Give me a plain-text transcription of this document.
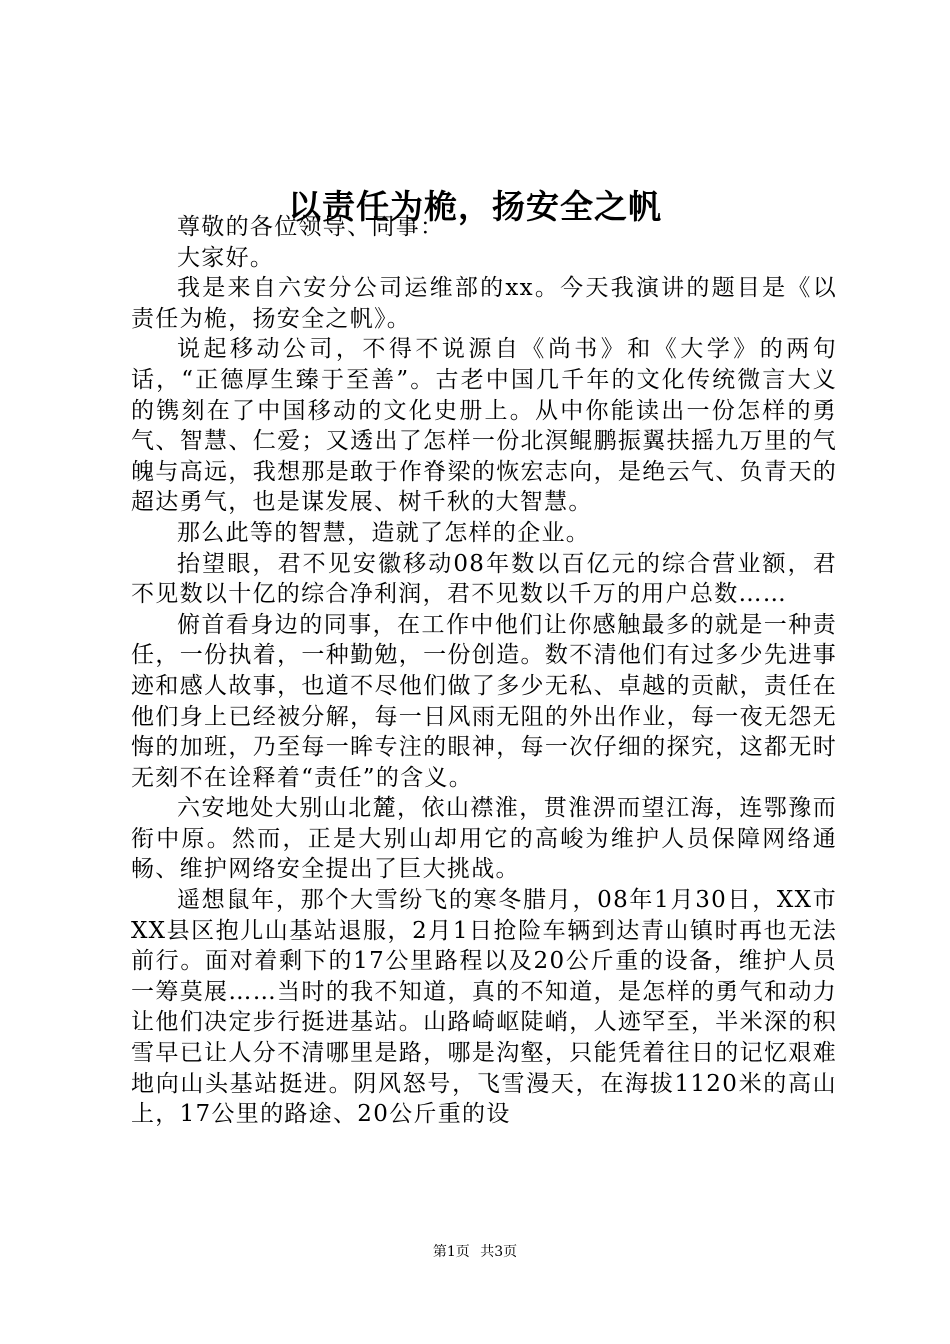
以责任为桅，扬安全之帆

尊敬的各位领导、同事：

大家好。

我是来自六安分公司运维部的xx。今天我演讲的题目是《以责任为桅，扬安全之帆》。

说起移动公司，不得不说源自《尚书》和《大学》的两句话，“正德厚生臻于至善”。古老中国几千年的文化传统微言大义的镌刻在了中国移动的文化史册上。从中你能读出一份怎样的勇气、智慧、仁爱；又透出了怎样一份北溟鲲鹏振翼扶摇九万里的气魄与高远，我想那是敢于作脊梁的恢宏志向，是绝云气、负青天的超达勇气，也是谋发展、树千秋的大智慧。

那么此等的智慧，造就了怎样的企业。

抬望眼，君不见安徽移动08年数以百亿元的综合营业额，君不见数以十亿的综合净利润，君不见数以千万的用户总数……

俯首看身边的同事，在工作中他们让你感触最多的就是一种责任，一份执着，一种勤勉，一份创造。数不清他们有过多少先进事迹和感人故事，也道不尽他们做了多少无私、卓越的贡献，责任在他们身上已经被分解，每一日风雨无阻的外出作业，每一夜无怨无悔的加班，乃至每一眸专注的眼神，每一次仔细的探究，这都无时无刻不在诠释着“责任”的含义。

六安地处大别山北麓，依山襟淮，贯淮淠而望江海，连鄂豫而衔中原。然而，正是大别山却用它的高峻为维护人员保障网络通畅、维护网络安全提出了巨大挑战。

遥想鼠年，那个大雪纷飞的寒冬腊月，08年1月30日，XX市XX县区抱儿山基站退服，2月1日抢险车辆到达青山镇时再也无法前行。面对着剩下的17公里路程以及20公斤重的设备，维护人员一筹莫展……当时的我不知道，真的不知道，是怎样的勇气和动力让他们决定步行挺进基站。山路崎岖陡峭，人迹罕至，半米深的积雪早已让人分不清哪里是路，哪是沟壑，只能凭着往日的记忆艰难地向山头基站挺进。阴风怒号，飞雪漫天，在海拔1120米的高山上，17公里的路途、20公斤重的设

第1页 共3页
